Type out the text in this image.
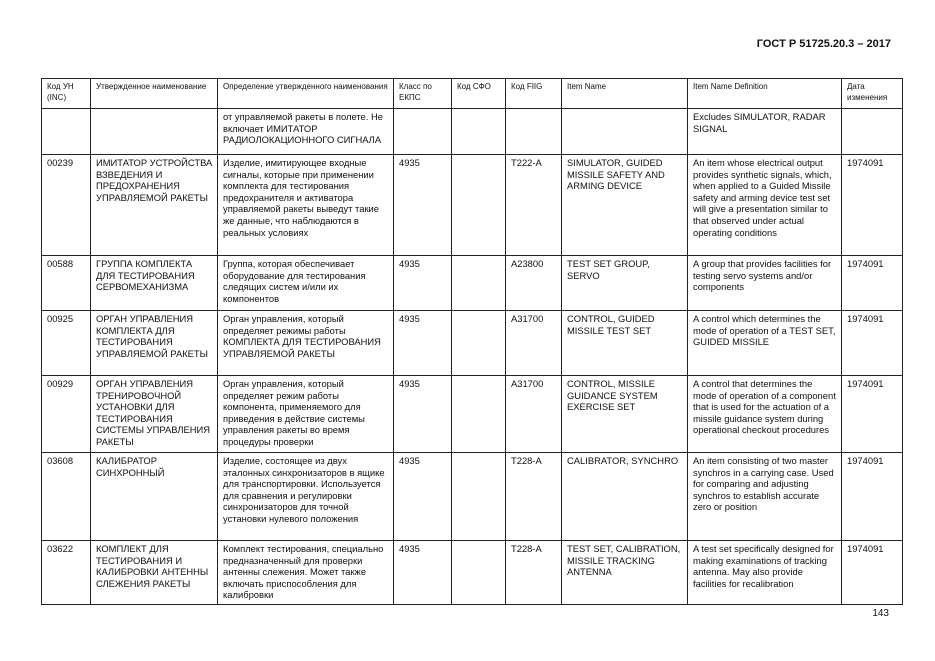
ГОСТ Р 51725.20.3 – 2017
Код УН (INC)	Утвержденное наименование	Определение утвержденного наименования	Класс по ЕКПС	Код СФО	Код FIIG	Item Name	Item Name Definition	Дата изменения
		от управляемой ракеты в полете. Не включает ИМИТАТОР РАДИОЛОКАЦИОННОГО СИГНАЛА					Excludes SIMULATOR, RADAR SIGNAL	
00239	ИМИТАТОР УСТРОЙСТВА ВЗВЕДЕНИЯ И ПРЕДОХРАНЕНИЯ УПРАВЛЯЕМОЙ РАКЕТЫ	Изделие, имитирующее входные сигналы, которые при применении комплекта для тестирования предохранителя и активатора управляемой ракеты выведут такие же данные, что наблюдаются в реальных условиях	4935		T222-A	SIMULATOR, GUIDED MISSILE SAFETY AND ARMING DEVICE	An item whose electrical output provides synthetic signals, which, when applied to a Guided Missile safety and arming device test set will give a presentation similar to that observed under actual operating conditions	1974091
00588	ГРУППА КОМПЛЕКТА ДЛЯ ТЕСТИРОВАНИЯ СЕРВОМЕХАНИЗМА	Группа, которая обеспечивает оборудование для тестирования следящих систем и/или их компонентов	4935		A23800	TEST SET GROUP, SERVO	A group that provides facilities for testing servo systems and/or components	1974091
00925	ОРГАН УПРАВЛЕНИЯ КОМПЛЕКТА ДЛЯ ТЕСТИРОВАНИЯ УПРАВЛЯЕМОЙ РАКЕТЫ	Орган управления, который определяет режимы работы КОМПЛЕКТА ДЛЯ ТЕСТИРОВАНИЯ УПРАВЛЯЕМОЙ РАКЕТЫ	4935		A31700	CONTROL, GUIDED MISSILE TEST SET	A control which determines the mode of operation of a TEST SET, GUIDED MISSILE	1974091
00929	ОРГАН УПРАВЛЕНИЯ ТРЕНИРОВОЧНОЙ УСТАНОВКИ ДЛЯ ТЕСТИРОВАНИЯ СИСТЕМЫ УПРАВЛЕНИЯ РАКЕТЫ	Орган управления, который определяет режим работы компонента, применяемого для приведения в действие системы управления ракеты во время процедуры проверки	4935		A31700	CONTROL, MISSILE GUIDANCE SYSTEM EXERCISE SET	A control that determines the mode of operation of a component that is used for the actuation of a missile guidance system during operational checkout procedures	1974091
03608	КАЛИБРАТОР СИНХРОННЫЙ	Изделие, состоящее из двух эталонных синхронизаторов в ящике для транспортировки. Используется для сравнения и регулировки синхронизаторов для точной установки нулевого положения	4935		T228-A	CALIBRATOR, SYNCHRO	An item consisting of two master synchros in a carrying case. Used for comparing and adjusting synchros to establish accurate zero or position	1974091
03622	КОМПЛЕКТ ДЛЯ ТЕСТИРОВАНИЯ И КАЛИБРОВКИ АНТЕННЫ СЛЕЖЕНИЯ РАКЕТЫ	Комплект тестирования, специально предназначенный для проверки антенны слежения. Может также включать приспособления для калибровки	4935		T228-A	TEST SET, CALIBRATION, MISSILE TRACKING ANTENNA	A test set specifically designed for making examinations of tracking antenna. May also provide facilities for recalibration	1974091
143
